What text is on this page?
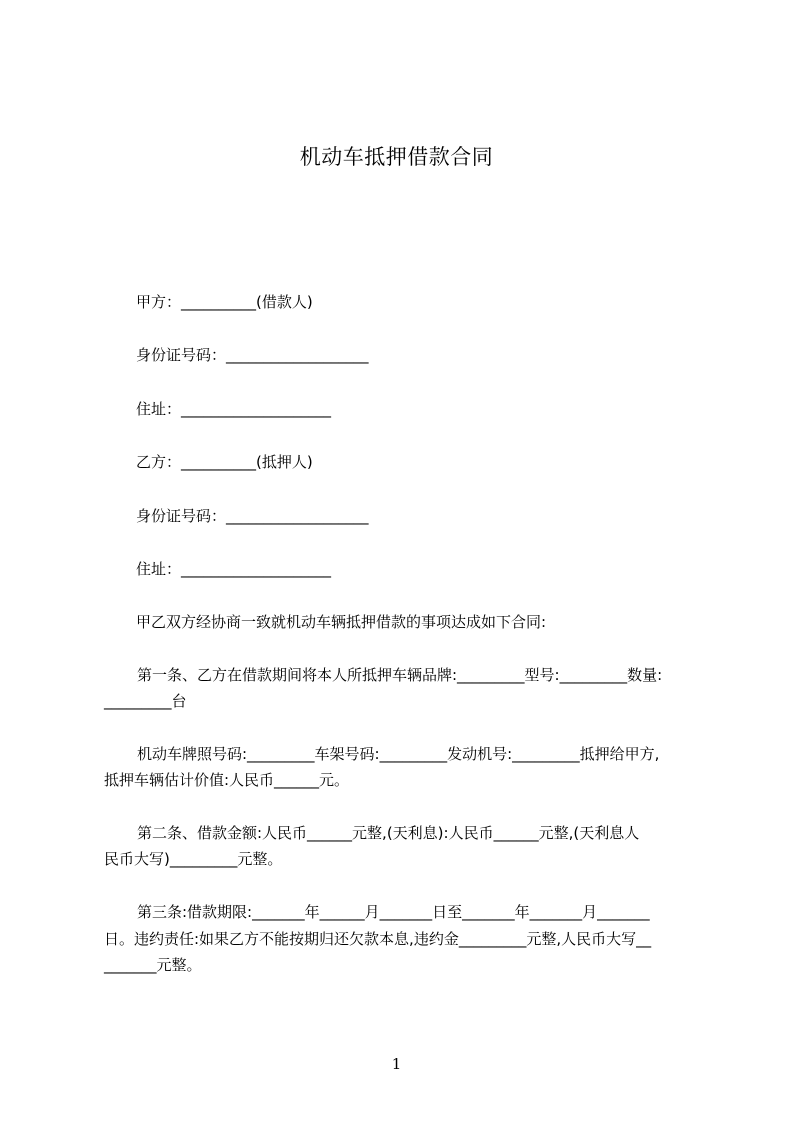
机动车抵押借款合同
甲方：__________(借款人)
身份证号码：___________________
住址：____________________
乙方：__________(抵押人)
身份证号码：___________________
住址：____________________
甲乙双方经协商一致就机动车辆抵押借款的事项达成如下合同:
第一条、乙方在借款期间将本人所抵押车辆品牌:_________型号:_________数量:
_________台
机动车牌照号码:_________车架号码:_________发动机号:_________抵押给甲方,
抵押车辆估计价值:人民币______元。
第二条、借款金额:人民币______元整,(天利息):人民币______元整,(天利息人
民币大写)_________元整。
第三条:借款期限:_______年______月_______日至_______年_______月_______
日。违约责任:如果乙方不能按期归还欠款本息,违约金_________元整,人民币大写__
_______元整。
1
